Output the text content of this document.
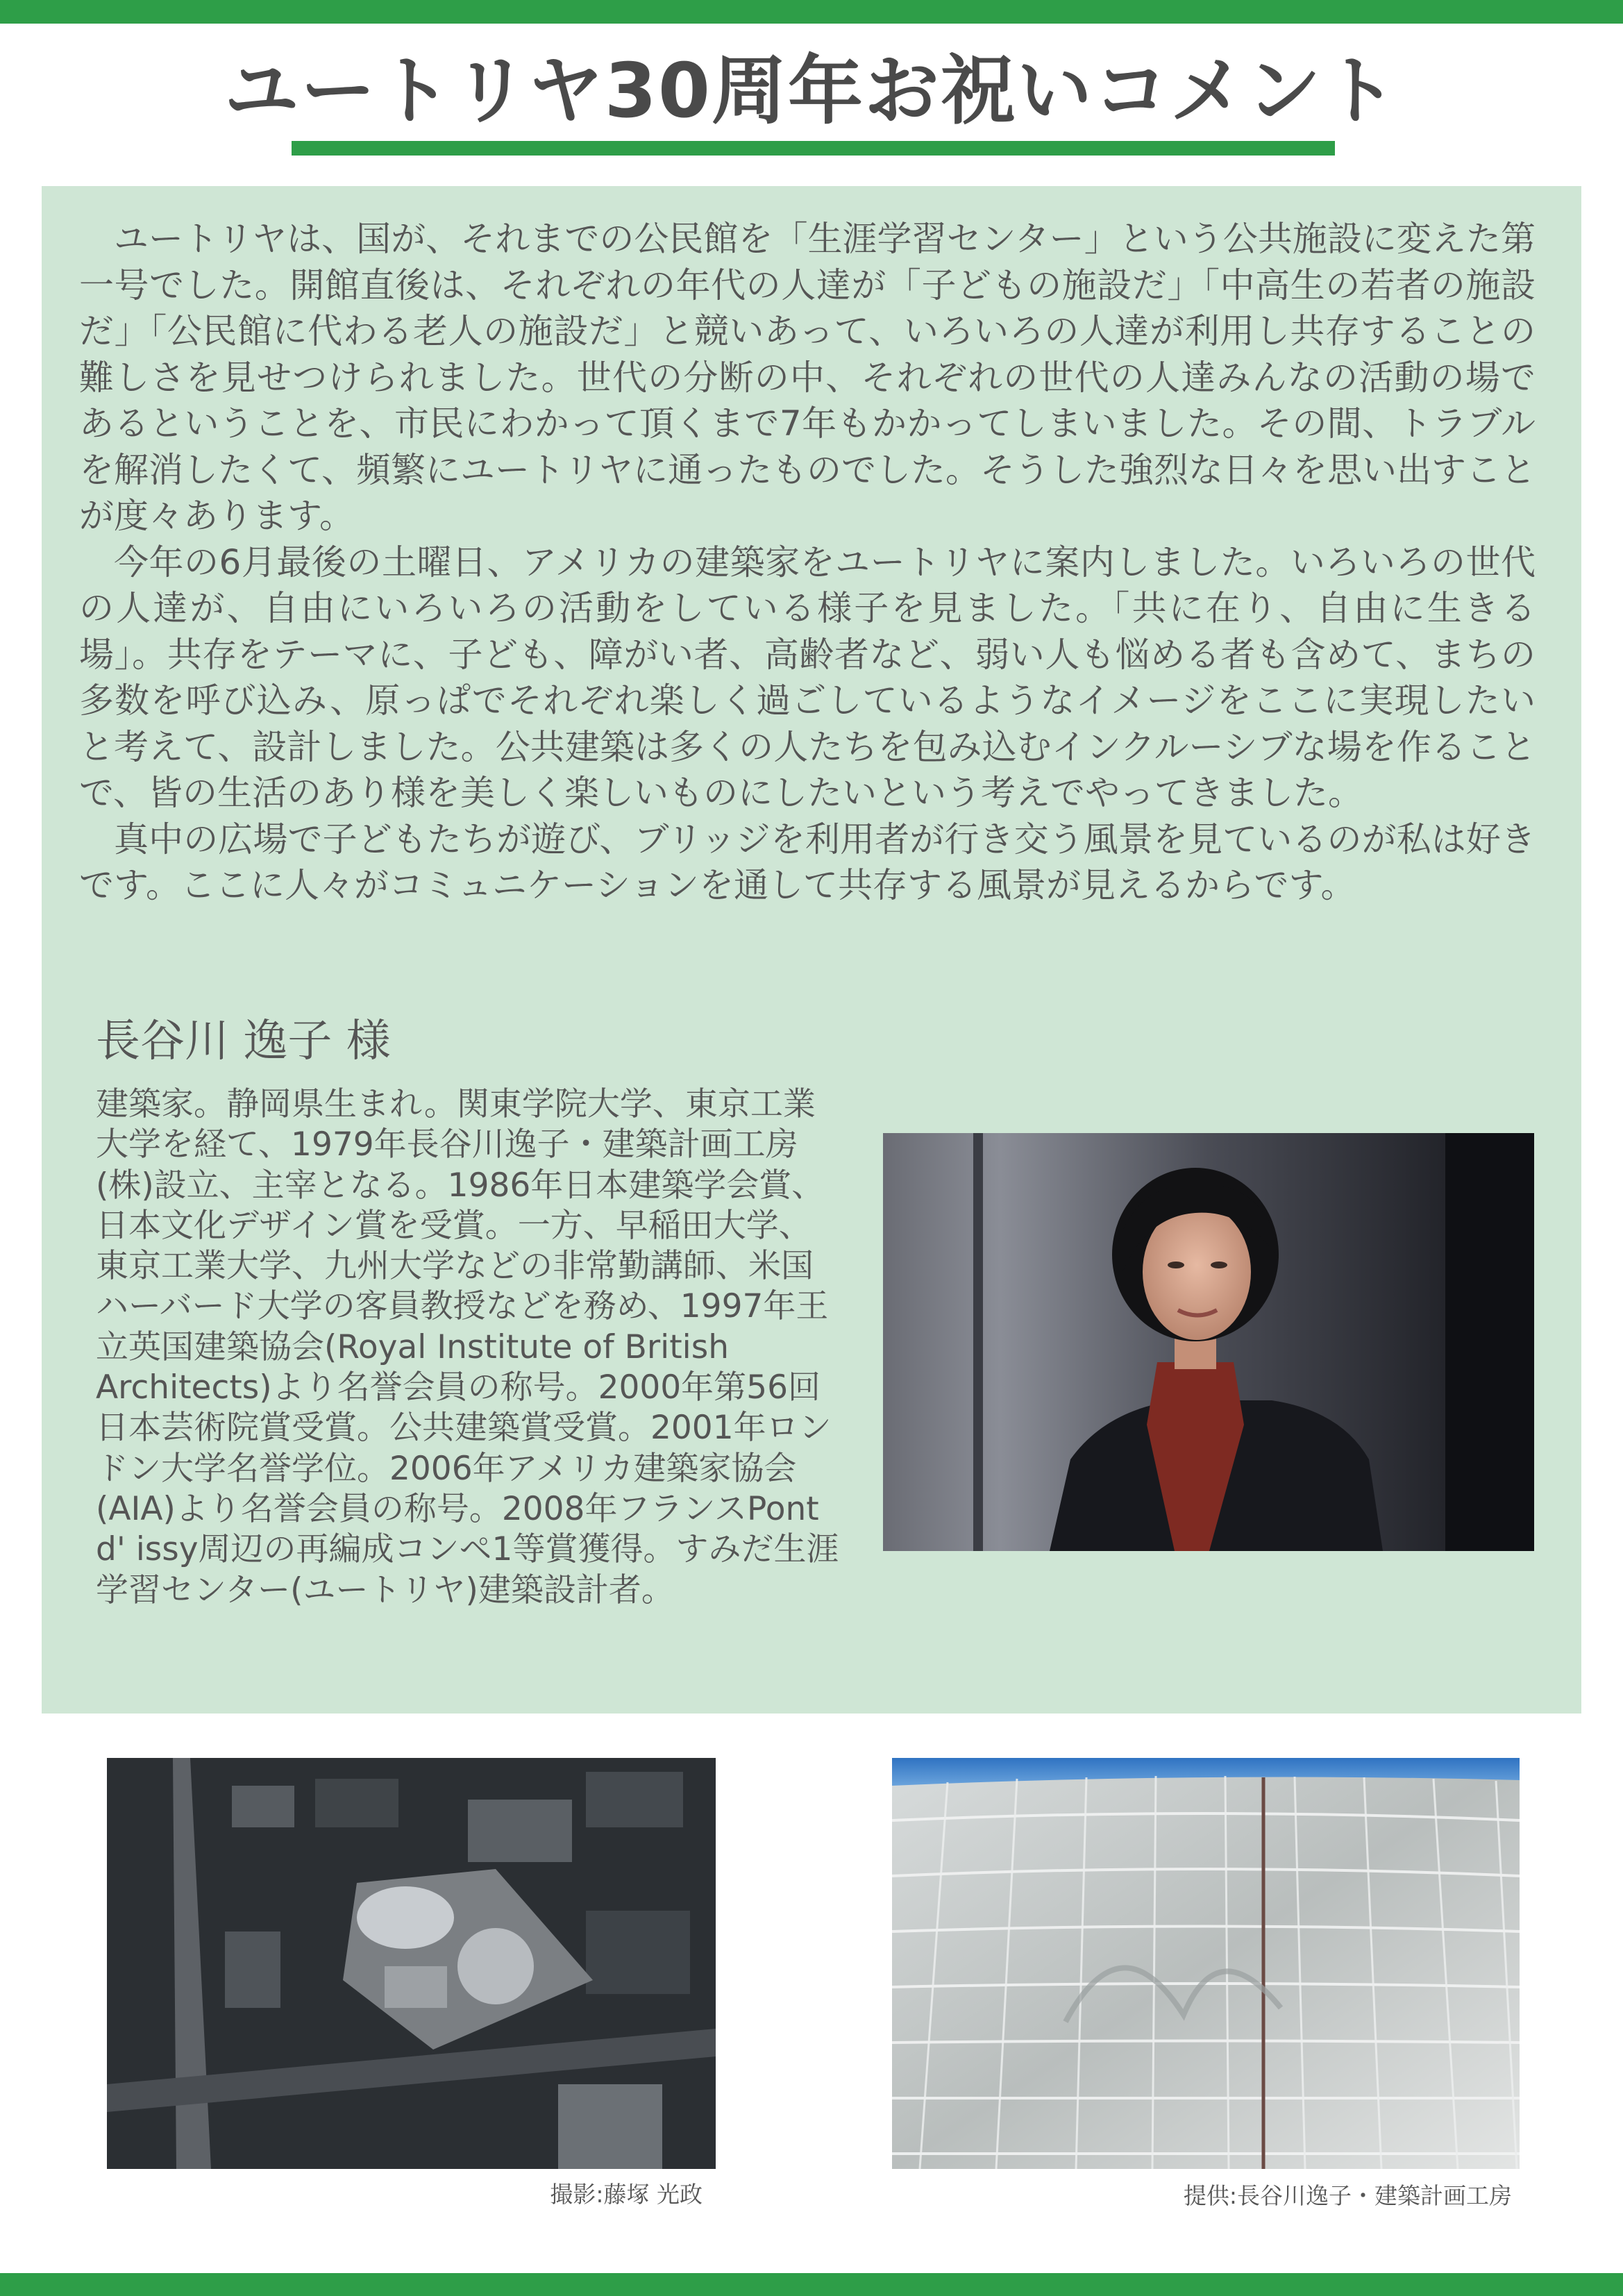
ユートリヤ30周年お祝いコメント

ユートリヤは、国が、それまでの公民館を「生涯学習センター」という公共施設に変えた第一号でした。開館直後は、それぞれの年代の人達が「子どもの施設だ」「中高生の若者の施設だ」「公民館に代わる老人の施設だ」と競いあって、いろいろの人達が利用し共存することの難しさを見せつけられました。世代の分断の中、それぞれの世代の人達みんなの活動の場であるということを、市民にわかって頂くまで7年もかかってしまいました。その間、トラブルを解消したくて、頻繁にユートリヤに通ったものでした。そうした強烈な日々を思い出すことが度々あります。

今年の6月最後の土曜日、アメリカの建築家をユートリヤに案内しました。いろいろの世代の人達が、自由にいろいろの活動をしている様子を見ました。「共に在り、自由に生きる場」。共存をテーマに、子ども、障がい者、高齢者など、弱い人も悩める者も含めて、まちの多数を呼び込み、原っぱでそれぞれ楽しく過ごしているようなイメージをここに実現したいと考えて、設計しました。公共建築は多くの人たちを包み込むインクルーシブな場を作ることで、皆の生活のあり様を美しく楽しいものにしたいという考えでやってきました。

真中の広場で子どもたちが遊び、ブリッジを利用者が行き交う風景を見ているのが私は好きです。ここに人々がコミュニケーションを通して共存する風景が見えるからです。

長谷川 逸子 様
建築家。静岡県生まれ。関東学院大学、東京工業大学を経て、1979年長谷川逸子・建築計画工房(株)設立、主宰となる。1986年日本建築学会賞、日本文化デザイン賞を受賞。一方、早稲田大学、東京工業大学、九州大学などの非常勤講師、米国ハーバード大学の客員教授などを務め、1997年王立英国建築協会(Royal Institute of British Architects)より名誉会員の称号。2000年第56回日本芸術院賞受賞。公共建築賞受賞。2001年ロンドン大学名誉学位。2006年アメリカ建築家協会(AIA)より名誉会員の称号。2008年フランスPont d' issy周辺の再編成コンペ1等賞獲得。すみだ生涯学習センター(ユートリヤ)建築設計者。
撮影:藤塚 光政	提供:長谷川逸子・建築計画工房
